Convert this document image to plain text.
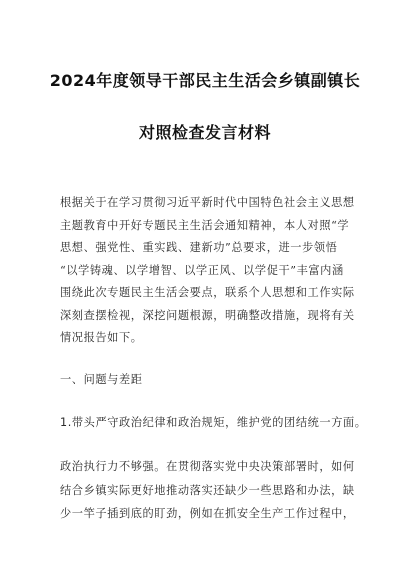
2024年度领导干部民主生活会乡镇副镇长
对照检查发言材料
根据关于在学习贯彻习近平新时代中国特色社会主义思想
主题教育中开好专题民主生活会通知精神，本人对照“学
思想、强党性、重实践、建新功”总要求，进一步领悟
“以学铸魂、以学增智、以学正风、以学促干”丰富内涵
围绕此次专题民主生活会要点，联系个人思想和工作实际
深刻查摆检视，深挖问题根源，明确整改措施，现将有关
情况报告如下。
一、问题与差距
1.带头严守政治纪律和政治规矩，维护党的团结统一方面。
政治执行力不够强。在贯彻落实党中央决策部署时，如何
结合乡镇实际更好地推动落实还缺少一些思路和办法，缺
少一竿子插到底的盯劲，例如在抓安全生产工作过程中，
